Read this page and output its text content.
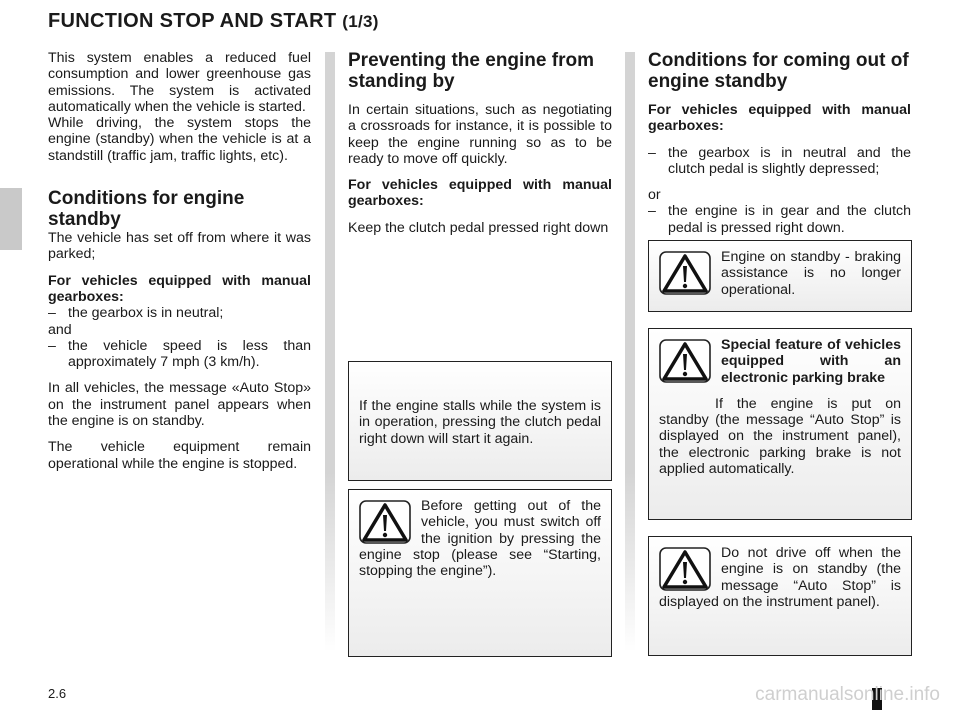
FUNCTION STOP AND START (1/3)

This system enables a reduced fuel consumption and lower greenhouse gas emissions. The system is activated automatically when the vehicle is started.

While driving, the system stops the engine (standby) when the vehicle is at a standstill (traffic jam, traffic lights, etc).

Conditions for engine standby

The vehicle has set off from where it was parked;

For vehicles equipped with manual gearboxes:

– the gearbox is in neutral;
and
– the vehicle speed is less than approximately 7 mph (3 km/h).

In all vehicles, the message «Auto Stop» on the instrument panel appears when the engine is on standby.

The vehicle equipment remain operational while the engine is stopped.

Preventing the engine from standing by

In certain situations, such as negotiating a crossroads for instance, it is possible to keep the engine running so as to be ready to move off quickly.

For vehicles equipped with manual gearboxes:

Keep the clutch pedal pressed right down

If the engine stalls while the system is in operation, pressing the clutch pedal right down will start it again.

Before getting out of the vehicle, you must switch off the ignition by pressing the engine stop (please see “Starting, stopping the engine”).

Conditions for coming out of engine standby

For vehicles equipped with manual gearboxes:

– the gearbox is in neutral and the clutch pedal is slightly depressed;
or
– the engine is in gear and the clutch pedal is pressed right down.

Engine on standby - braking assistance is no longer operational.

Special feature of vehicles equipped with an electronic parking brake

If the engine is put on standby (the message “Auto Stop” is displayed on the instrument panel), the electronic parking brake is not applied automatically.

Do not drive off when the engine is on standby (the message “Auto Stop” is displayed on the instrument panel).

2.6	carmanualsonline.info
